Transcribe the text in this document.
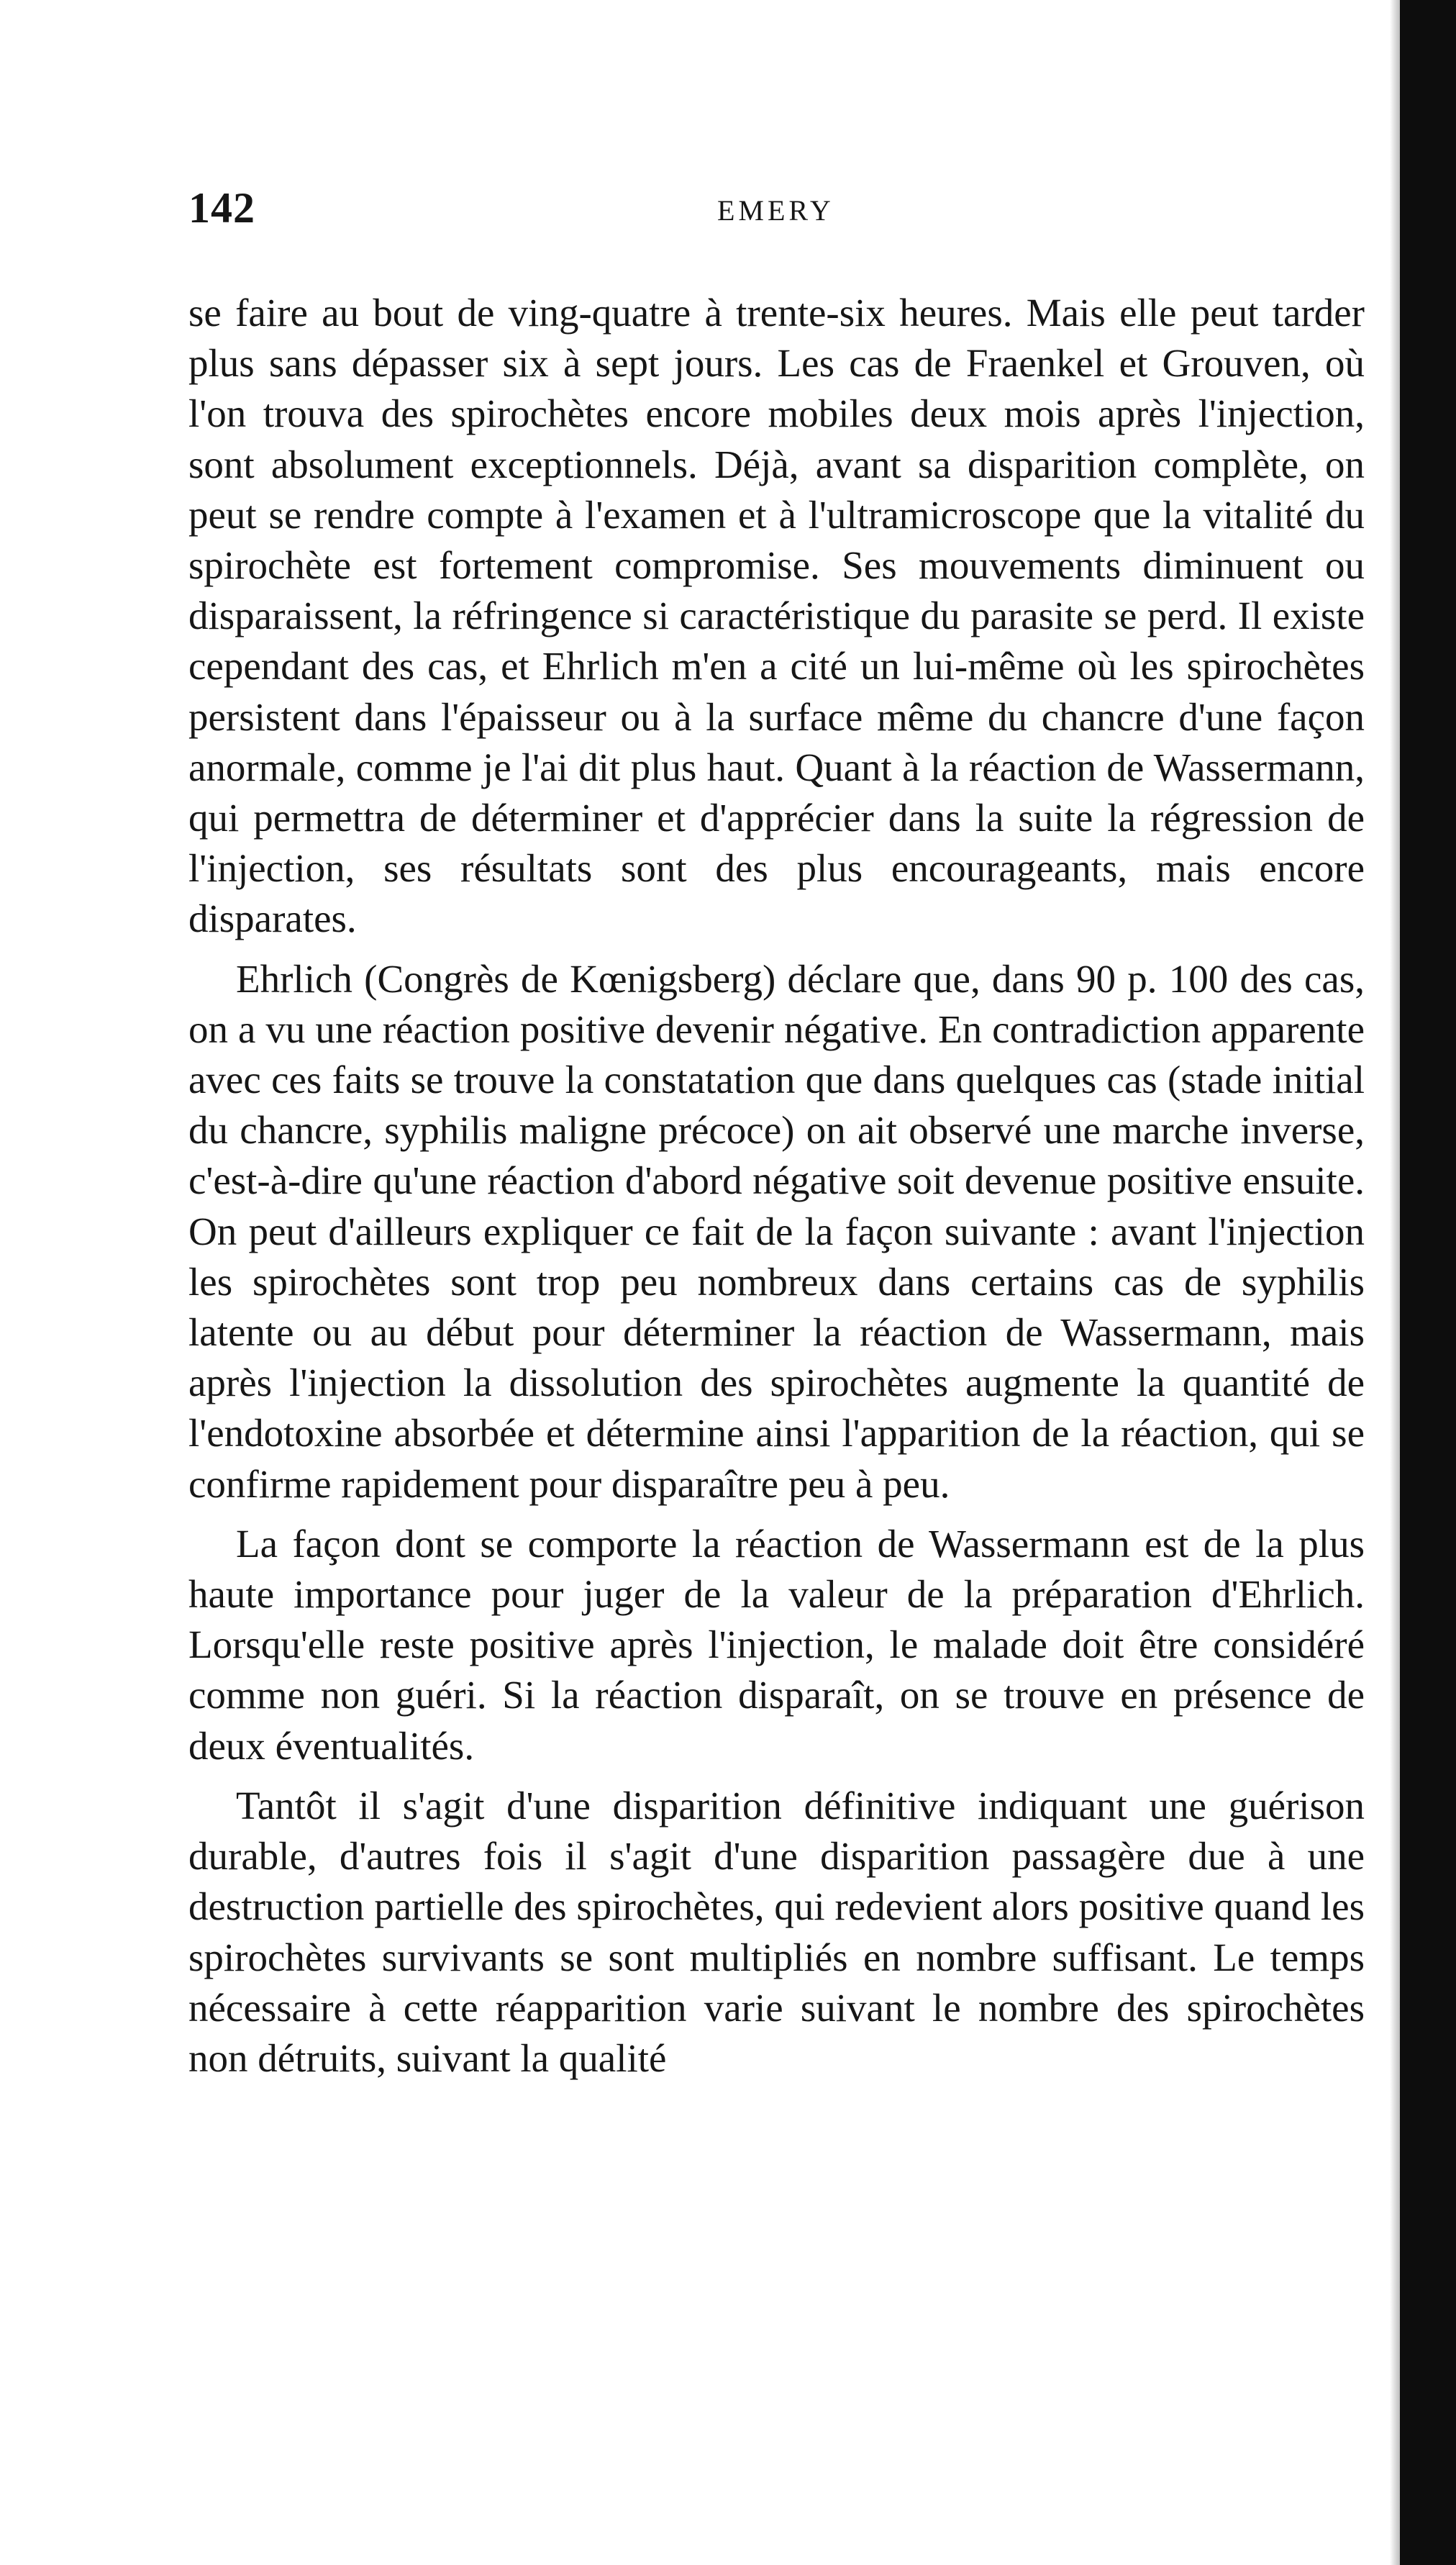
142	EMERY

se faire au bout de ving-quatre à trente-six heures. Mais elle peut tarder plus sans dépasser six à sept jours. Les cas de Fraenkel et Grouven, où l'on trouva des spirochètes encore mobiles deux mois après l'injection, sont absolument exceptionnels. Déjà, avant sa disparition complète, on peut se rendre compte à l'examen et à l'ultramicroscope que la vitalité du spirochète est fortement compromise. Ses mouvements diminuent ou disparaissent, la réfringence si caractéristique du parasite se perd. Il existe cependant des cas, et Ehrlich m'en a cité un lui-même où les spirochètes persistent dans l'épaisseur ou à la surface même du chancre d'une façon anormale, comme je l'ai dit plus haut. Quant à la réaction de Wassermann, qui permettra de déterminer et d'apprécier dans la suite la régression de l'injection, ses résultats sont des plus encourageants, mais encore disparates.

Ehrlich (Congrès de Kœnigsberg) déclare que, dans 90 p. 100 des cas, on a vu une réaction positive devenir négative. En contradiction apparente avec ces faits se trouve la constatation que dans quelques cas (stade initial du chancre, syphilis maligne précoce) on ait observé une marche inverse, c'est-à-dire qu'une réaction d'abord négative soit devenue positive ensuite. On peut d'ailleurs expliquer ce fait de la façon suivante : avant l'injection les spirochètes sont trop peu nombreux dans certains cas de syphilis latente ou au début pour déterminer la réaction de Wassermann, mais après l'injection la dissolution des spirochètes augmente la quantité de l'endotoxine absorbée et détermine ainsi l'apparition de la réaction, qui se confirme rapidement pour disparaître peu à peu.

La façon dont se comporte la réaction de Wassermann est de la plus haute importance pour juger de la valeur de la préparation d'Ehrlich. Lorsqu'elle reste positive après l'injection, le malade doit être considéré comme non guéri. Si la réaction disparaît, on se trouve en présence de deux éventualités.

Tantôt il s'agit d'une disparition définitive indiquant une guérison durable, d'autres fois il s'agit d'une disparition passagère due à une destruction partielle des spirochètes, qui redevient alors positive quand les spirochètes survivants se sont multipliés en nombre suffisant. Le temps nécessaire à cette réapparition varie suivant le nombre des spirochètes non détruits, suivant la qualité
